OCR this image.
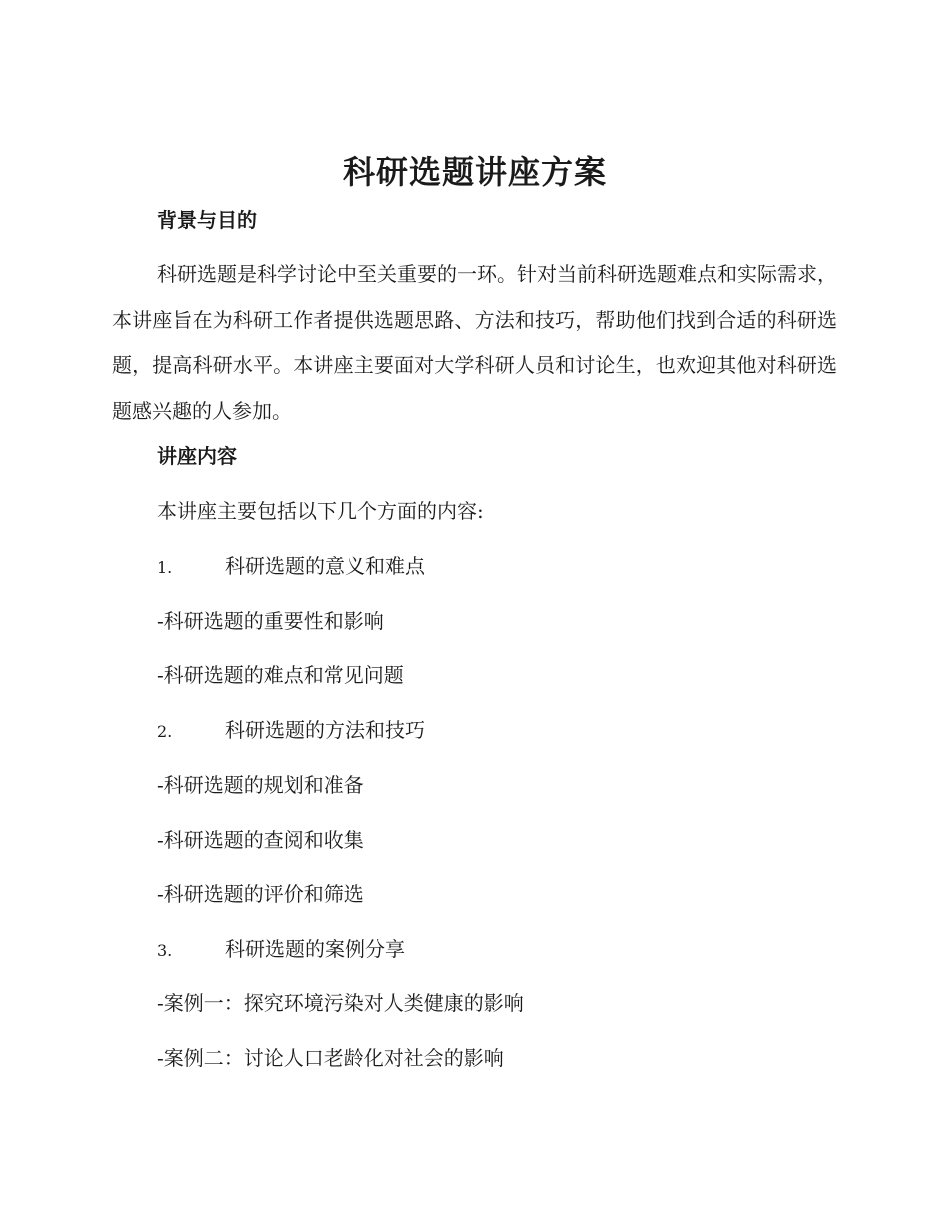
科研选题讲座方案
背景与目的

科研选题是科学讨论中至关重要的一环。针对当前科研选题难点和实际需求，本讲座旨在为科研工作者提供选题思路、方法和技巧，帮助他们找到合适的科研选题，提高科研水平。本讲座主要面对大学科研人员和讨论生，也欢迎其他对科研选题感兴趣的人参加。

讲座内容

本讲座主要包括以下几个方面的内容:

1.	科研选题的意义和难点

-科研选题的重要性和影响

-科研选题的难点和常见问题

2.	科研选题的方法和技巧

-科研选题的规划和准备

-科研选题的查阅和收集

-科研选题的评价和筛选

3.	科研选题的案例分享

-案例一：探究环境污染对人类健康的影响

-案例二：讨论人口老龄化对社会的影响
